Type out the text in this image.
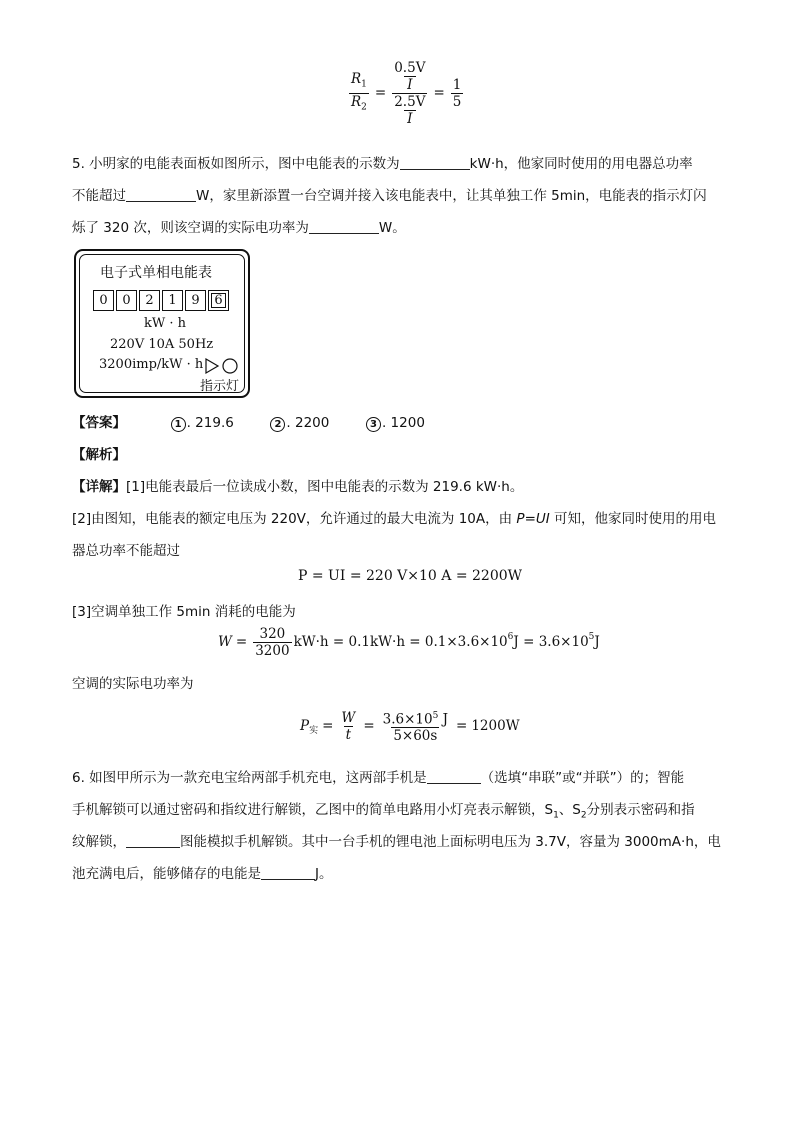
$\frac{R_1}{R_2} = 0.5V$
I
2.5V
$I = \frac{1}{5}$
5. 小明家的电能表面板如图所示，图中电能表的示数为	kW·h，他家同时使用的用电器总功率
不能超过	W，家里新添置一台空调并接入该电能表中，让其单独工作 5min，电能表的指示灯闪
烁了 320 次，则该空调的实际电功率为	W。
电子式单相电能表
0	0	2	1	9	6
kW · h
220V 10A 50Hz
3200imp/kW · h
指示灯
【答案】	1 . 219.6	2 . 2200	3 . 1200
【解析】
【详解】[1]电能表最后一位读成小数，图中电能表的示数为 219.6 kW·h。
[2]由图知，电能表的额定电压为 220V，允许通过的最大电流为 10A，由 P=UI 可知，他家同时使用的用电
器总功率不能超过
P = UI = 220 V×10 A = 2200W
[3]空调单独工作 5min 消耗的电能为
$W = \frac{320}{3200} kW\cdot h = 0.1kW\cdot h = 0.1\times 3.6\times 10^6$ $J = 3.6\times 10^5$ J
空调的实际电功率为
$P_实 = \frac{W}{t} = \frac{3.6\times 10^5 J}{5\times 60s} = 1200W$
6. 如图甲所示为一款充电宝给两部手机充电，这两部手机是	（选填“串联”或“并联”）的；智能
手机解锁可以通过密码和指纹进行解锁，乙图中的简单电路用小灯亮表示解锁，$S_1$、$S_2$分别表示密码和指
纹解锁，	图能模拟手机解锁。其中一台手机的锂电池上面标明电压为 3.7V，容量为 3000mA·h，电
池充满电后，能够储存的电能是	J。
